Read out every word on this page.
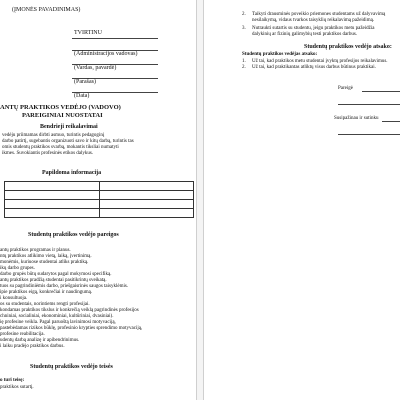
(ĮMONĖS PAVADINIMAS)
TVIRTINU
(Administracijos vadovas)
(Vardas, pavardė)
(Parašas)
(Data)
ANTŲ PRAKTIKOS VEDĖJO (VADOVO)
PAREIGINIAI NUOSTATAI
Bendrieji reikalavimai
vedėju priimamas dirbti asmuo, turintis pedagoginį
darbo patirtį, sugebantis organizuoti savo ir kitų darbą, turintis tas
omis studentų praktikos svarbą, mokantis tiksliai numatyti
ikmes. Suvokiantis profesinės etikos dalykus.
Papildoma informacija

Studentų praktikos vedėjo pareigos
antų praktikos programas ir planus.
ntų praktikos atlikimo vietą, laiką, įvertinimą.
monėmis, kuriuose studentai atliks praktiką.
ikų darbo grupes.
darbo grupės būtų sudarytos pagal mokymosi specifiką.
antų praktikos pradžią studentai pasitikrintų sveikatą.
tuos su pagrindiniėmis darbo, priešgaisrinės saugos taisyklėmis.
ipie praktikos eigą, konkrečiai ir naudingumą.
i konsultuoja.
os su studentais, norintiems rengti profesijai.
kondamas praktikos tikslus ir konkrečią veiklą pagrindinės profesijos
chniniai, socialiniai, ekonominiai, kultūriniai, dvasiniai).
ię profesine veikla. Pagal paruoštą lavinimosi motyvaciją,
pastebėdamas rizikos būklę, profesinio krypties sprendimo motyvaciją,
profesine reabilitacija.
udentų darbą analizę ir apibendrinimus.
i laiku pradėjo praktikos darbus.
Studentų praktikos vedėjo teisės
o turi teisę:
praktikos sutartį.
2. Taikyti drausminės poveikio priemones studentams už dalyvavimą
nesilaikymą, vidaus tvarkos taisyklių reikalavimą pažeidimą.
3. Nutraukti sutartis su studentu, jeigu praktikos metu pažeidžia
dalykinių ar fizinių galimybių testi praktikos darbus.
Studentų praktikos vedėjo atsako:
Studentų praktikos vedėjas atsako:
1. Už tai, kad praktikos metu studentai įvyktų profesijos reikalavimus.
2. Už tai, kad praktikantas atliktų visus darbus būtinus praktikai.
Pareigė
Susipažinau ir sutinku
